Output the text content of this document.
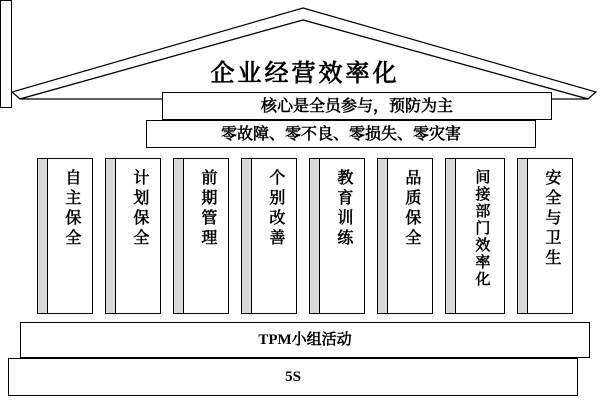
企业经营效率化
核心是全员参与，预防为主
零故障、零不良、零损失、零灾害
自主保全	计划保全	前期管理	个别改善	教育训练	品质保全	间接部门效率化	安全与卫生
TPM小组活动
5S
